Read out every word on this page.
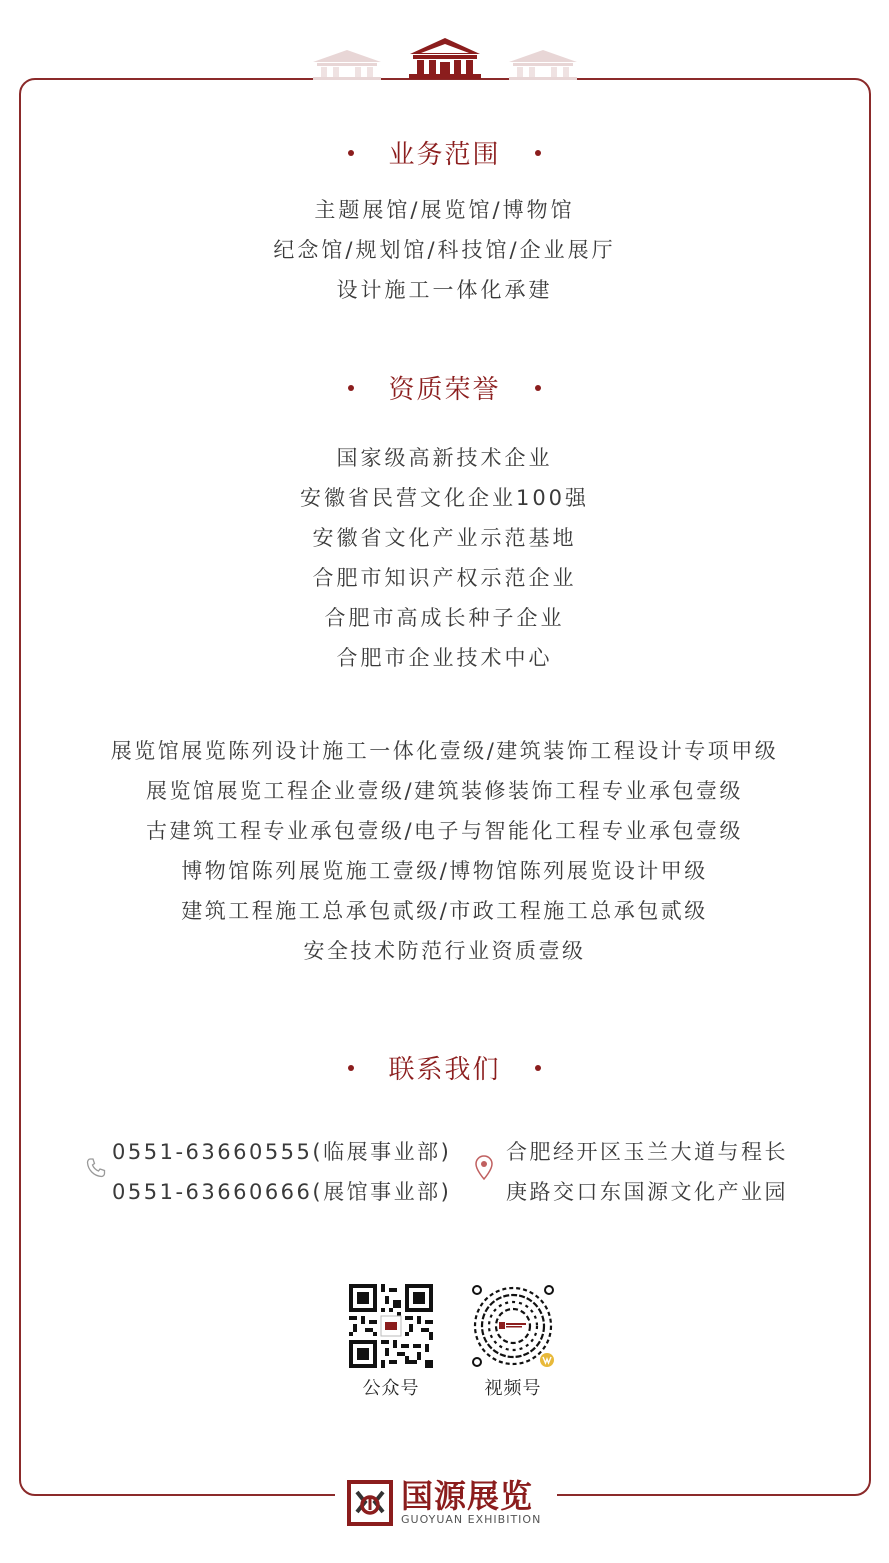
业务范围
主题展馆/展览馆/博物馆
纪念馆/规划馆/科技馆/企业展厅
设计施工一体化承建
资质荣誉
国家级高新技术企业
安徽省民营文化企业100强
安徽省文化产业示范基地
合肥市知识产权示范企业
合肥市高成长种子企业
合肥市企业技术中心
展览馆展览陈列设计施工一体化壹级/建筑装饰工程设计专项甲级
展览馆展览工程企业壹级/建筑装修装饰工程专业承包壹级
古建筑工程专业承包壹级/电子与智能化工程专业承包壹级
博物馆陈列展览施工壹级/博物馆陈列展览设计甲级
建筑工程施工总承包贰级/市政工程施工总承包贰级
安全技术防范行业资质壹级
联系我们
0551-63660555(临展事业部)
0551-63660666(展馆事业部)
合肥经开区玉兰大道与程长
庚路交口东国源文化产业园
公众号	视频号
国源展览
GUOYUAN EXHIBITION
